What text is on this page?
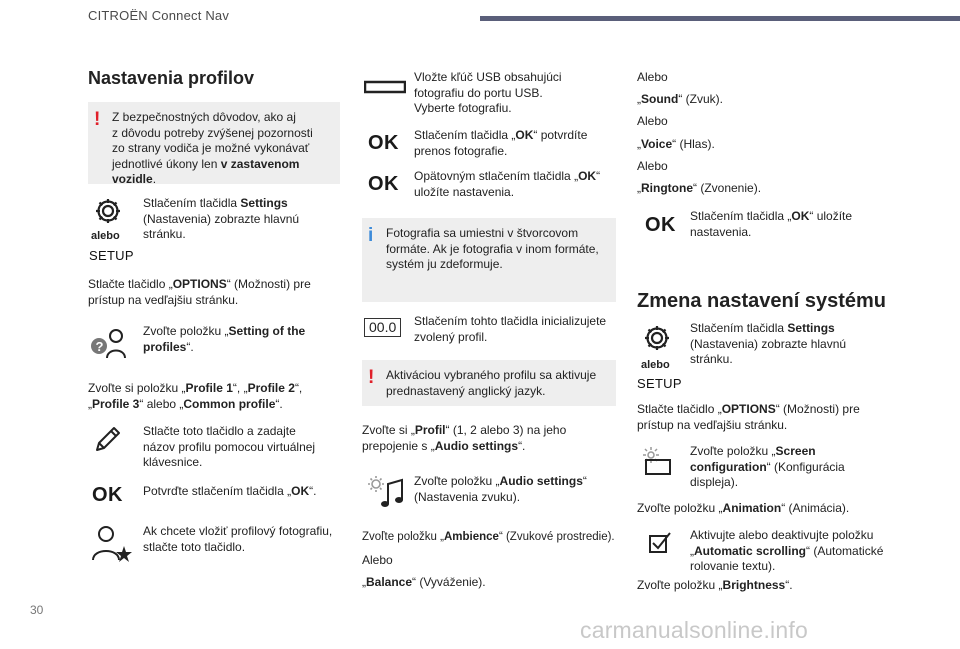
CITROËN Connect Nav
Nastavenia profilov
! Z bezpečnostných dôvodov, ako aj
z dôvodu potreby zvýšenej pozornosti
zo strany vodiča je možné vykonávať
jednotlivé úkony len v zastavenom
vozidle.
alebo
SETUP
Stlačením tlačidla Settings
(Nastavenia) zobrazte hlavnú
stránku.
Stlačte tlačidlo „OPTIONS“ (Možnosti) pre
prístup na vedľajšiu stránku.
?
Zvoľte položku „Setting of the
profiles“.
Zvoľte si položku „Profile 1“, „Profile 2“,
„Profile 3“ alebo „Common profile“.
Stlačte toto tlačidlo a zadajte
názov profilu pomocou virtuálnej
klávesnice.
OK Potvrďte stlačením tlačidla „OK“.
Ak chcete vložiť profilový fotografiu,
stlačte toto tlačidlo.
Vložte kľúč USB obsahujúci
fotografiu do portu USB.
Vyberte fotografiu.
OK Stlačením tlačidla „OK“ potvrdíte
prenos fotografie.
OK Opätovným stlačením tlačidla „OK“
uložíte nastavenia.
i Fotografia sa umiestni v štvorcovom
formáte. Ak je fotografia v inom formáte,
systém ju zdeformuje.
00.0	Stlačením tohto tlačidla inicializujete
zvolený profil.
! Aktiváciou vybraného profilu sa aktivuje
prednastavený anglický jazyk.
Zvoľte si „Profil“ (1, 2 alebo 3) na jeho
prepojenie s „Audio settings“.
Zvoľte položku „Audio settings“
(Nastavenia zvuku).
Zvoľte položku „Ambience“ (Zvukové prostredie).
Alebo
„Balance“ (Vyváženie).
Alebo
„Sound“ (Zvuk).
Alebo
„Voice“ (Hlas).
Alebo
„Ringtone“ (Zvonenie).
OK Stlačením tlačidla „OK“ uložíte
nastavenia.
Zmena nastavení systému
alebo
SETUP
Stlačením tlačidla Settings
(Nastavenia) zobrazte hlavnú
stránku.
Stlačte tlačidlo „OPTIONS“ (Možnosti) pre
prístup na vedľajšiu stránku.
Zvoľte položku „Screen
configuration“ (Konfigurácia
displeja).
Zvoľte položku „Animation“ (Animácia).
Aktivujte alebo deaktivujte položku
„Automatic scrolling“ (Automatické
rolovanie textu).
Zvoľte položku „Brightness“.
30
carmanualsonline.info
